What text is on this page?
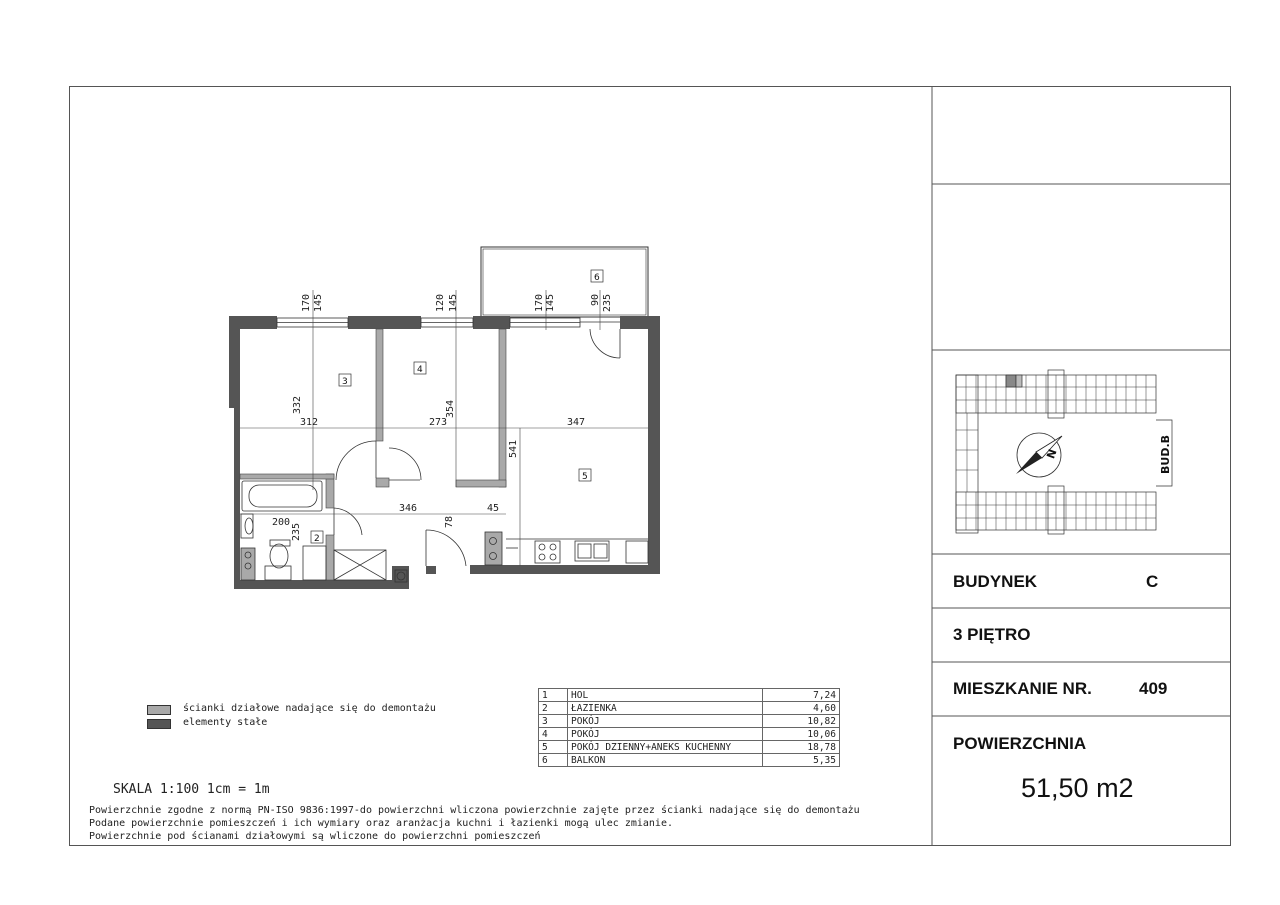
170 145	120 145	170 145	90 235
332
312	273
354
347
541
346	45
200
235
78
3
4
5
2
6
N	BUD.B
BUDYNEK	C
3 PIĘTRO
MIESZKANIE NR.	409
POWIERZCHNIA
51,50 m2
ścianki działowe nadające się do demontażu
elementy stałe
1	HOL	7,24
2	ŁAZIENKA	4,60
3	POKÓJ	10,82
4	POKÓJ	10,06
5	POKÓJ DZIENNY+ANEKS KUCHENNY	18,78
6	BALKON	5,35
SKALA 1:100 1cm = 1m
Powierzchnie zgodne z normą PN-ISO 9836:1997-do powierzchni wliczona powierzchnie zajęte przez ścianki nadające się do demontażu
Podane powierzchnie pomieszczeń i ich wymiary oraz aranżacja kuchni i łazienki mogą ulec zmianie.
Powierzchnie pod ścianami działowymi są wliczone do powierzchni pomieszczeń
